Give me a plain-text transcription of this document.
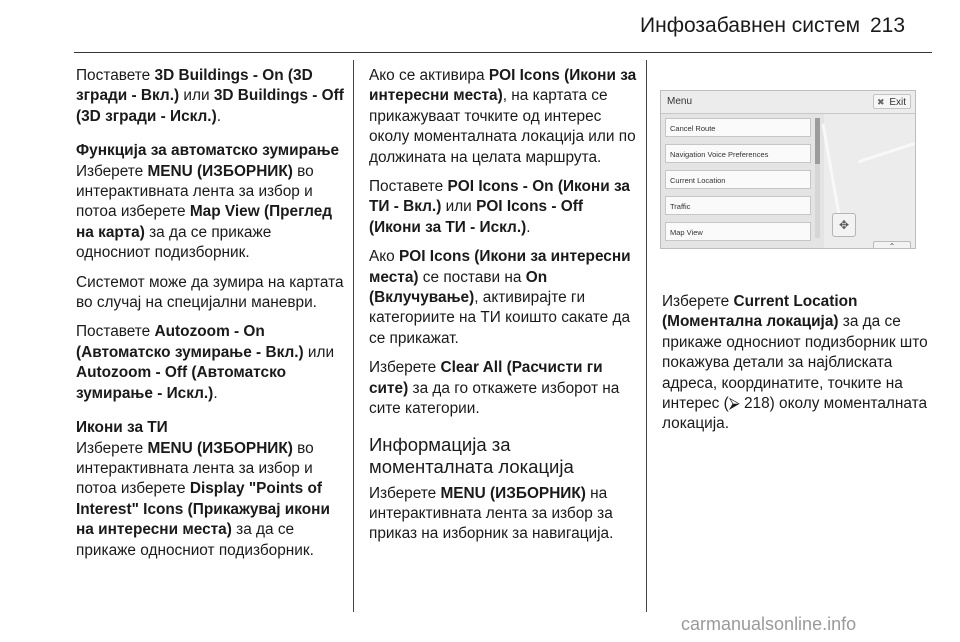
Инфозабавнен систем 213

Поставете 3D Buildings - On (3D згради - Вкл.) или 3D Buildings - Off (3D згради - Искл.).

Функција за автоматско зумирање

Изберете MENU (ИЗБОРНИК) во интерактивната лента за избор и потоа изберете Map View (Преглед на карта) за да се прикаже односниот подизборник.

Системот може да зумира на картата во случај на специјални маневри.

Поставете Autozoom - On (Автоматско зумирање - Вкл.) или Autozoom - Off (Автоматско зумирање - Искл.).

Икони за ТИ

Изберете MENU (ИЗБОРНИК) во интерактивната лента за избор и потоа изберете Display "Points of Interest" Icons (Прикажувај икони на интересни места) за да се прикаже односниот подизборник.

Ако се активира POI Icons (Икони за интересни места), на картата се прикажуваат точките од интерес околу моменталната локација или по должината на целата маршрута.

Поставете POI Icons - On (Икони за ТИ - Вкл.) или POI Icons - Off (Икони за ТИ - Искл.).

Ако POI Icons (Икони за интересни места) се постави на On (Вклучување), активирајте ги категориите на ТИ коишто сакате да се прикажат.

Изберете Clear All (Расчисти ги сите) за да го откажете изборот на сите категории.

Информација за моменталната локација

Изберете MENU (ИЗБОРНИК) на интерактивната лента за избор за приказ на изборник за навигација.

Menu	✖ Exit
Cancel Route
Navigation Voice Preferences
Current Location
Traffic
Map View
✥
⌃

Изберете Current Location (Моментална локација) за да се прикаже односниот подизборник што покажува детали за најблиската адреса, координатите, точките на интерес (⮚ 218) околу моменталната локација.

carmanualsonline.info
